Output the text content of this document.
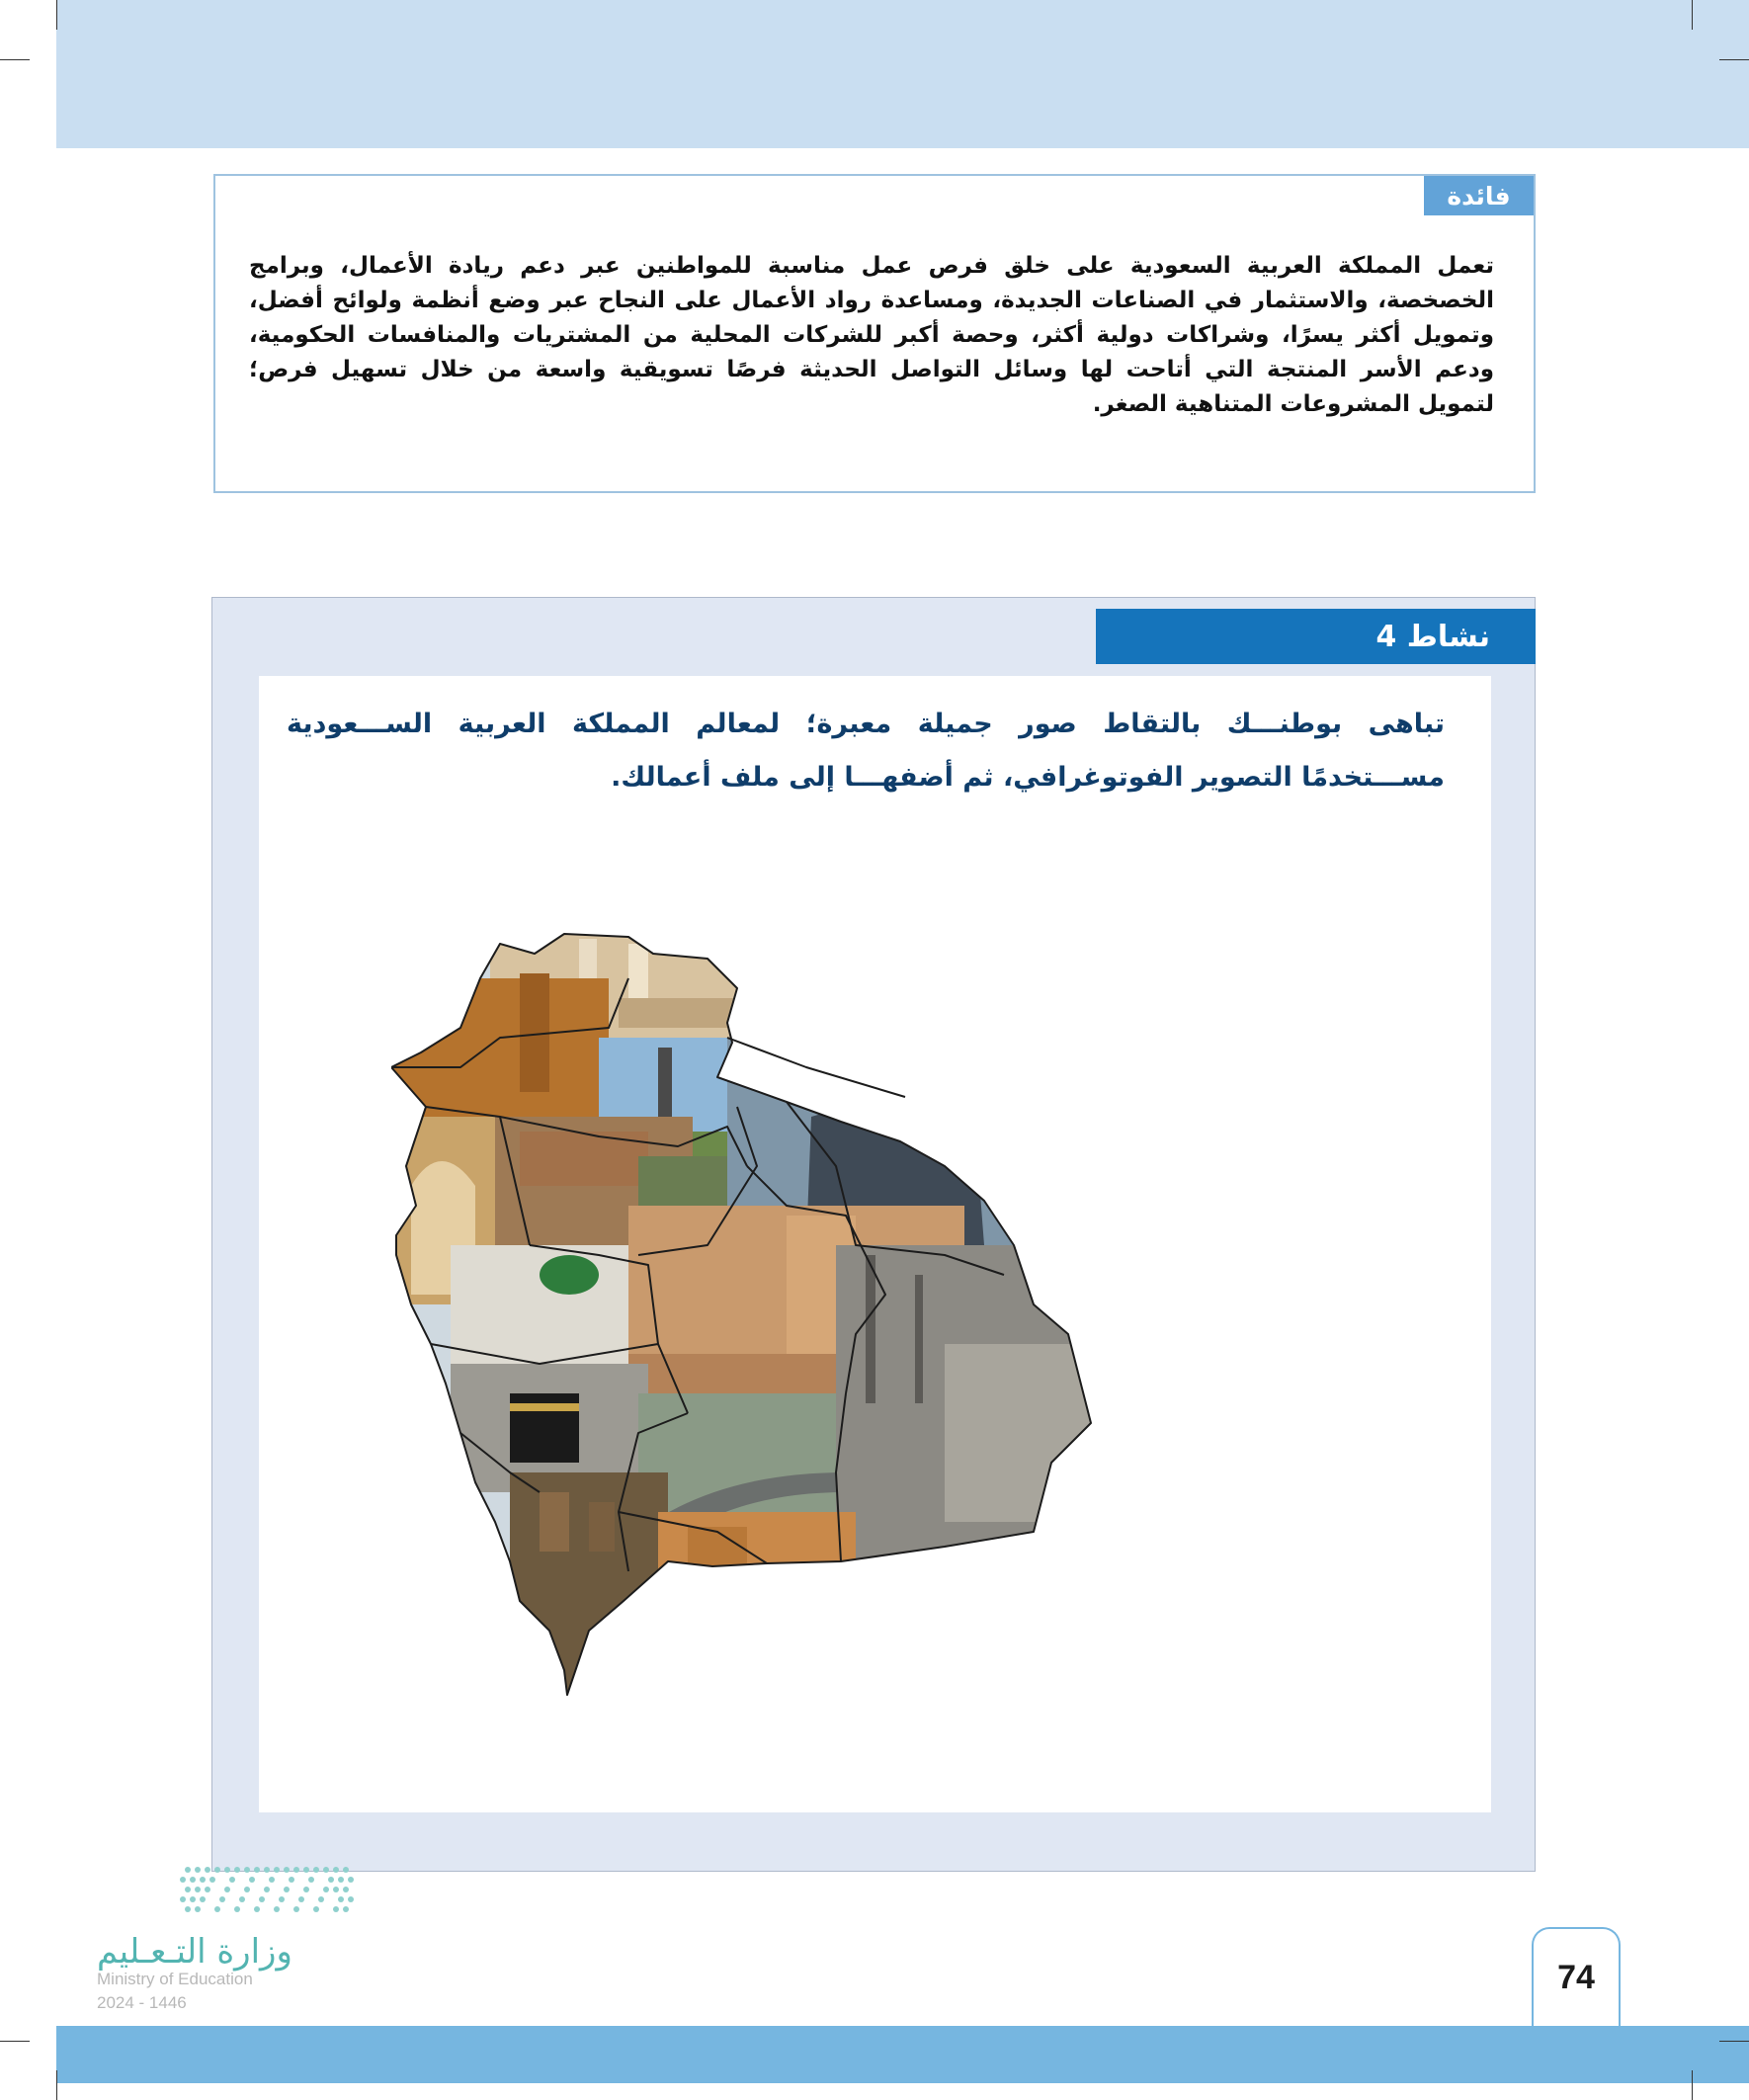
فائدة
تعمل المملكة العربية السعودية على خلق فرص عمل مناسبة للمواطنين عبر دعم ريادة الأعمال، وبرامج الخصخصة، والاستثمار في الصناعات الجديدة، ومساعدة رواد الأعمال على النجاح عبر وضع أنظمة ولوائح أفضل، وتمويل أكثر يسرًا، وشراكات دولية أكثر، وحصة أكبر للشركات المحلية من المشتريات والمنافسات الحكومية، ودعم الأسر المنتجة التي أتاحت لها وسائل التواصل الحديثة فرصًا تسويقية واسعة من خلال تسهيل فرص؛ لتمويل المشروعات المتناهية الصغر.
نشاط 4
تباهى بوطنـــك بالتقاط صور جميلة معبرة؛ لمعالم المملكة العربية الســـعودية مســـتخدمًا التصوير الفوتوغرافي، ثم أضفهـــا إلى ملف أعمالك.
وزارة التـعـليم
Ministry of Education
2024 - 1446
74
